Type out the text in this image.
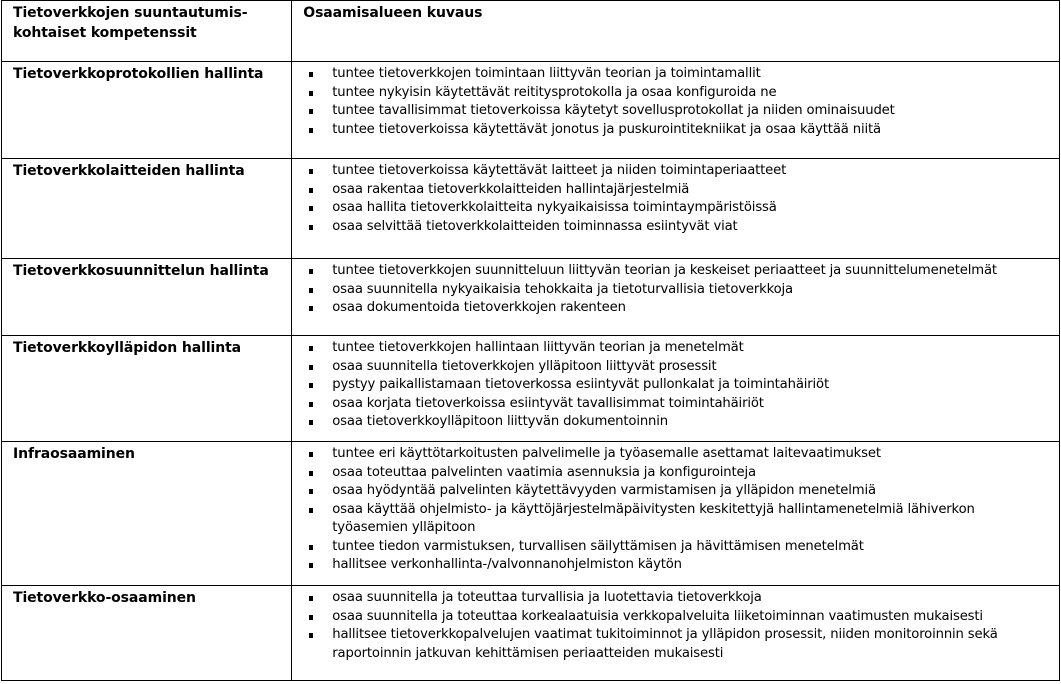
Tietoverkkojen suuntautumis-kohtaiset kompetenssit	Osaamisalueen kuvaus

Tietoverkkoprotokollien hallinta	tuntee tietoverkkojen toimintaan liittyvän teorian ja toimintamallit
tuntee nykyisin käytettävät reititysprotokolla ja osaa konfiguroida ne
tuntee tavallisimmat tietoverkoissa käytetyt sovellusprotokollat ja niiden ominaisuudet
tuntee tietoverkoissa käytettävät jonotus ja puskurointitekniikat ja osaa käyttää niitä

Tietoverkkolaitteiden hallinta	tuntee tietoverkoissa käytettävät laitteet ja niiden toimintaperiaatteet
osaa rakentaa tietoverkkolaitteiden hallintajärjestelmiä
osaa hallita tietoverkkolaitteita nykyaikaisissa toimintaympäristöissä
osaa selvittää tietoverkkolaitteiden toiminnassa esiintyvät viat

Tietoverkkosuunnittelun hallinta	tuntee tietoverkkojen suunnitteluun liittyvän teorian ja keskeiset periaatteet ja suunnittelumenetelmät
osaa suunnitella nykyaikaisia tehokkaita ja tietoturvallisia tietoverkkoja
osaa dokumentoida tietoverkkojen rakenteen

Tietoverkkoylläpidon hallinta	tuntee tietoverkkojen hallintaan liittyvän teorian ja menetelmät
osaa suunnitella tietoverkkojen ylläpitoon liittyvät prosessit
pystyy paikallistamaan tietoverkossa esiintyvät pullonkalat ja toimintahäiriöt
osaa korjata tietoverkoissa esiintyvät tavallisimmat toimintahäiriöt
osaa tietoverkkoylläpitoon liittyvän dokumentoinnin

Infraosaaminen	tuntee eri käyttötarkoitusten palvelimelle ja työasemalle asettamat laitevaatimukset
osaa toteuttaa palvelinten vaatimia asennuksia ja konfigurointeja
osaa hyödyntää palvelinten käytettävyyden varmistamisen ja ylläpidon menetelmiä
osaa käyttää ohjelmisto- ja käyttöjärjestelmäpäivitysten keskitettyjä hallintamenetelmiä lähiverkon työasemien ylläpitoon
tuntee tiedon varmistuksen, turvallisen säilyttämisen ja hävittämisen menetelmät
hallitsee verkonhallinta-/valvonnanohjelmiston käytön

Tietoverkko-osaaminen	osaa suunnitella ja toteuttaa turvallisia ja luotettavia tietoverkkoja
osaa suunnitella ja toteuttaa korkealaatuisia verkkopalveluita liiketoiminnan vaatimusten mukaisesti
hallitsee tietoverkkopalvelujen vaatimat tukitoiminnot ja ylläpidon prosessit, niiden monitoroinnin sekä raportoinnin jatkuvan kehittämisen periaatteiden mukaisesti
